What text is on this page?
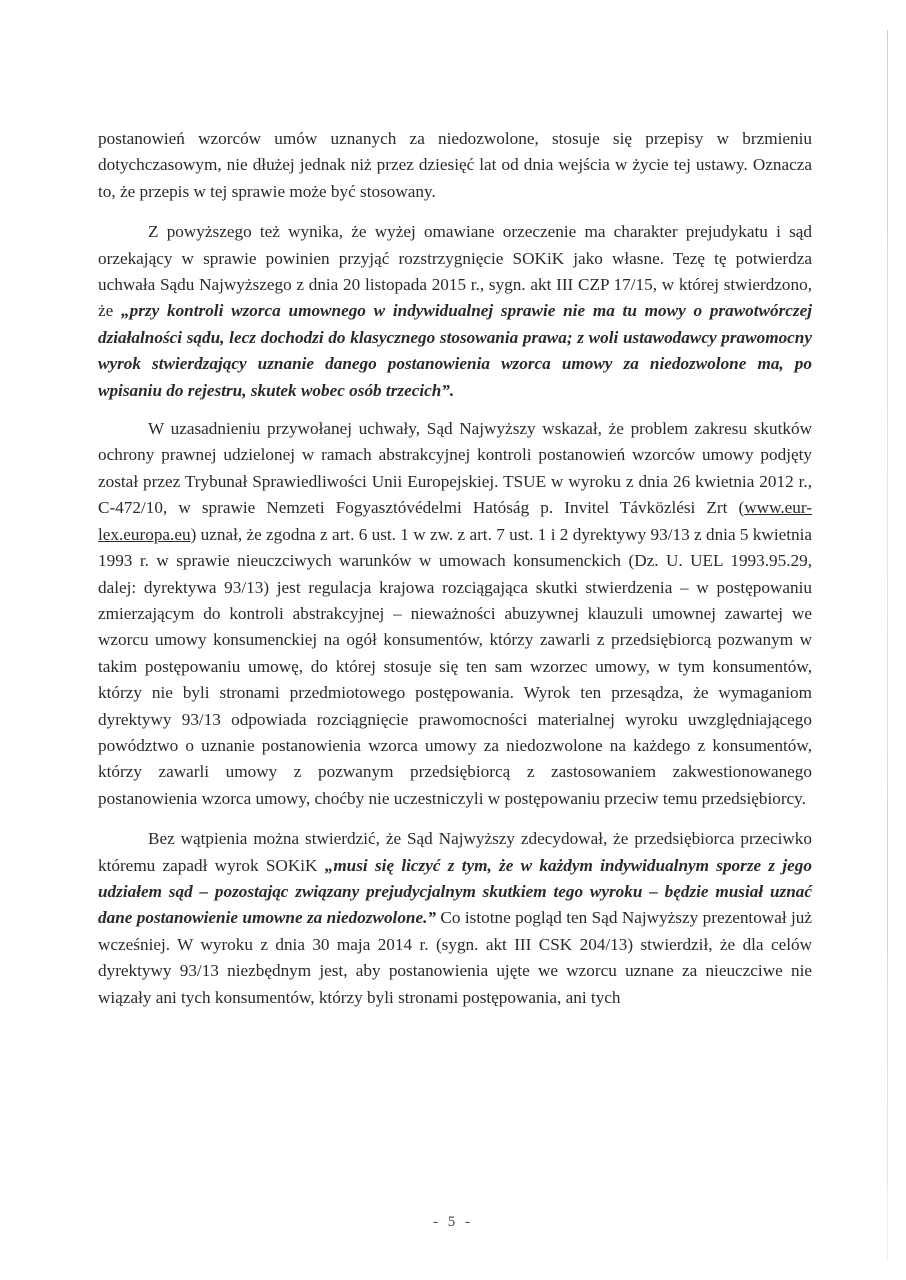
postanowień wzorców umów uznanych za niedozwolone, stosuje się przepisy w brzmieniu dotychczasowym, nie dłużej jednak niż przez dziesięć lat od dnia wejścia w życie tej ustawy. Oznacza to, że przepis w tej sprawie może być stosowany.

Z powyższego też wynika, że wyżej omawiane orzeczenie ma charakter prejudykatu i sąd orzekający w sprawie powinien przyjąć rozstrzygnięcie SOKiK jako własne. Tezę tę potwierdza uchwała Sądu Najwyższego z dnia 20 listopada 2015 r., sygn. akt III CZP 17/15, w której stwierdzono, że „przy kontroli wzorca umownego w indywidualnej sprawie nie ma tu mowy o prawotwórczej działalności sądu, lecz dochodzi do klasycznego stosowania prawa; z woli ustawodawcy prawomocny wyrok stwierdzający uznanie danego postanowienia wzorca umowy za niedozwolone ma, po wpisaniu do rejestru, skutek wobec osób trzecich”.

W uzasadnieniu przywołanej uchwały, Sąd Najwyższy wskazał, że problem zakresu skutków ochrony prawnej udzielonej w ramach abstrakcyjnej kontroli postanowień wzorców umowy podjęty został przez Trybunał Sprawiedliwości Unii Europejskiej. TSUE w wyroku z dnia 26 kwietnia 2012 r., C-472/10, w sprawie Nemzeti Fogyasztóvédelmi Hatóság p. Invitel Távközlési Zrt (www.eur-lex.europa.eu) uznał, że zgodna z art. 6 ust. 1 w zw. z art. 7 ust. 1 i 2 dyrektywy 93/13 z dnia 5 kwietnia 1993 r. w sprawie nieuczciwych warunków w umowach konsumenckich (Dz. U. UEL 1993.95.29, dalej: dyrektywa 93/13) jest regulacja krajowa rozciągająca skutki stwierdzenia – w postępowaniu zmierzającym do kontroli abstrakcyjnej – nieważności abuzywnej klauzuli umownej zawartej we wzorcu umowy konsumenckiej na ogół konsumentów, którzy zawarli z przedsiębiorcą pozwanym w takim postępowaniu umowę, do której stosuje się ten sam wzorzec umowy, w tym konsumentów, którzy nie byli stronami przedmiotowego postępowania. Wyrok ten przesądza, że wymaganiom dyrektywy 93/13 odpowiada rozciągnięcie prawomocności materialnej wyroku uwzględniającego powództwo o uznanie postanowienia wzorca umowy za niedozwolone na każdego z konsumentów, którzy zawarli umowy z pozwanym przedsiębiorcą z zastosowaniem zakwestionowanego postanowienia wzorca umowy, choćby nie uczestniczyli w postępowaniu przeciw temu przedsiębiorcy.

Bez wątpienia można stwierdzić, że Sąd Najwyższy zdecydował, że przedsiębiorca przeciwko któremu zapadł wyrok SOKiK „musi się liczyć z tym, że w każdym indywidualnym sporze z jego udziałem sąd – pozostając związany prejudycjalnym skutkiem tego wyroku – będzie musiał uznać dane postanowienie umowne za niedozwolone.” Co istotne pogląd ten Sąd Najwyższy prezentował już wcześniej. W wyroku z dnia 30 maja 2014 r. (sygn. akt III CSK 204/13) stwierdził, że dla celów dyrektywy 93/13 niezbędnym jest, aby postanowienia ujęte we wzorcu uznane za nieuczciwe nie wiązały ani tych konsumentów, którzy byli stronami postępowania, ani tych

- 5 -
